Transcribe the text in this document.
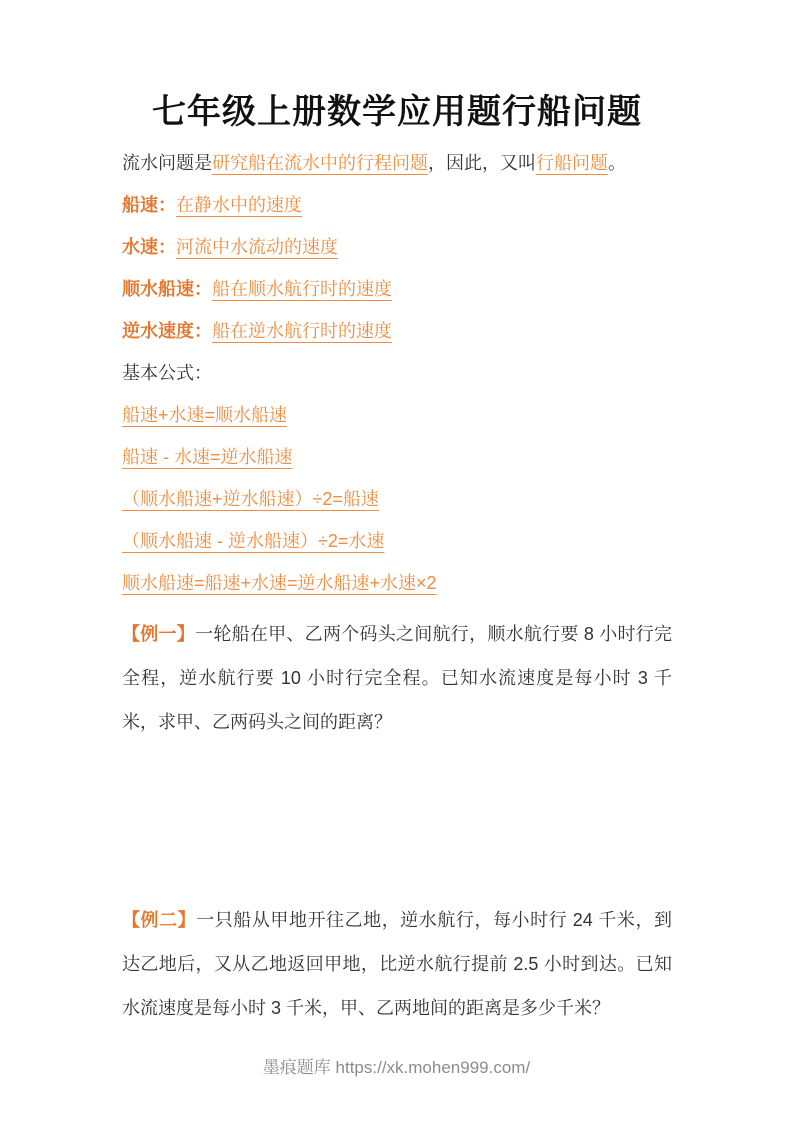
七年级上册数学应用题行船问题

流水问题是研究船在流水中的行程问题，因此，又叫行船问题。

船速：在静水中的速度

水速：河流中水流动的速度

顺水船速：船在顺水航行时的速度

逆水速度：船在逆水航行时的速度

基本公式：

船速+水速=顺水船速

船速 - 水速=逆水船速

（顺水船速+逆水船速）÷2=船速

（顺水船速 - 逆水船速）÷2=水速

顺水船速=船速+水速=逆水船速+水速×2

【例一】一轮船在甲、乙两个码头之间航行，顺水航行要 8 小时行完全程，逆水航行要 10 小时行完全程。已知水流速度是每小时 3 千米，求甲、乙两码头之间的距离？

【例二】一只船从甲地开往乙地，逆水航行，每小时行 24 千米，到达乙地后，又从乙地返回甲地，比逆水航行提前 2.5 小时到达。已知水流速度是每小时 3 千米，甲、乙两地间的距离是多少千米？

墨痕题库 https://xk.mohen999.com/
